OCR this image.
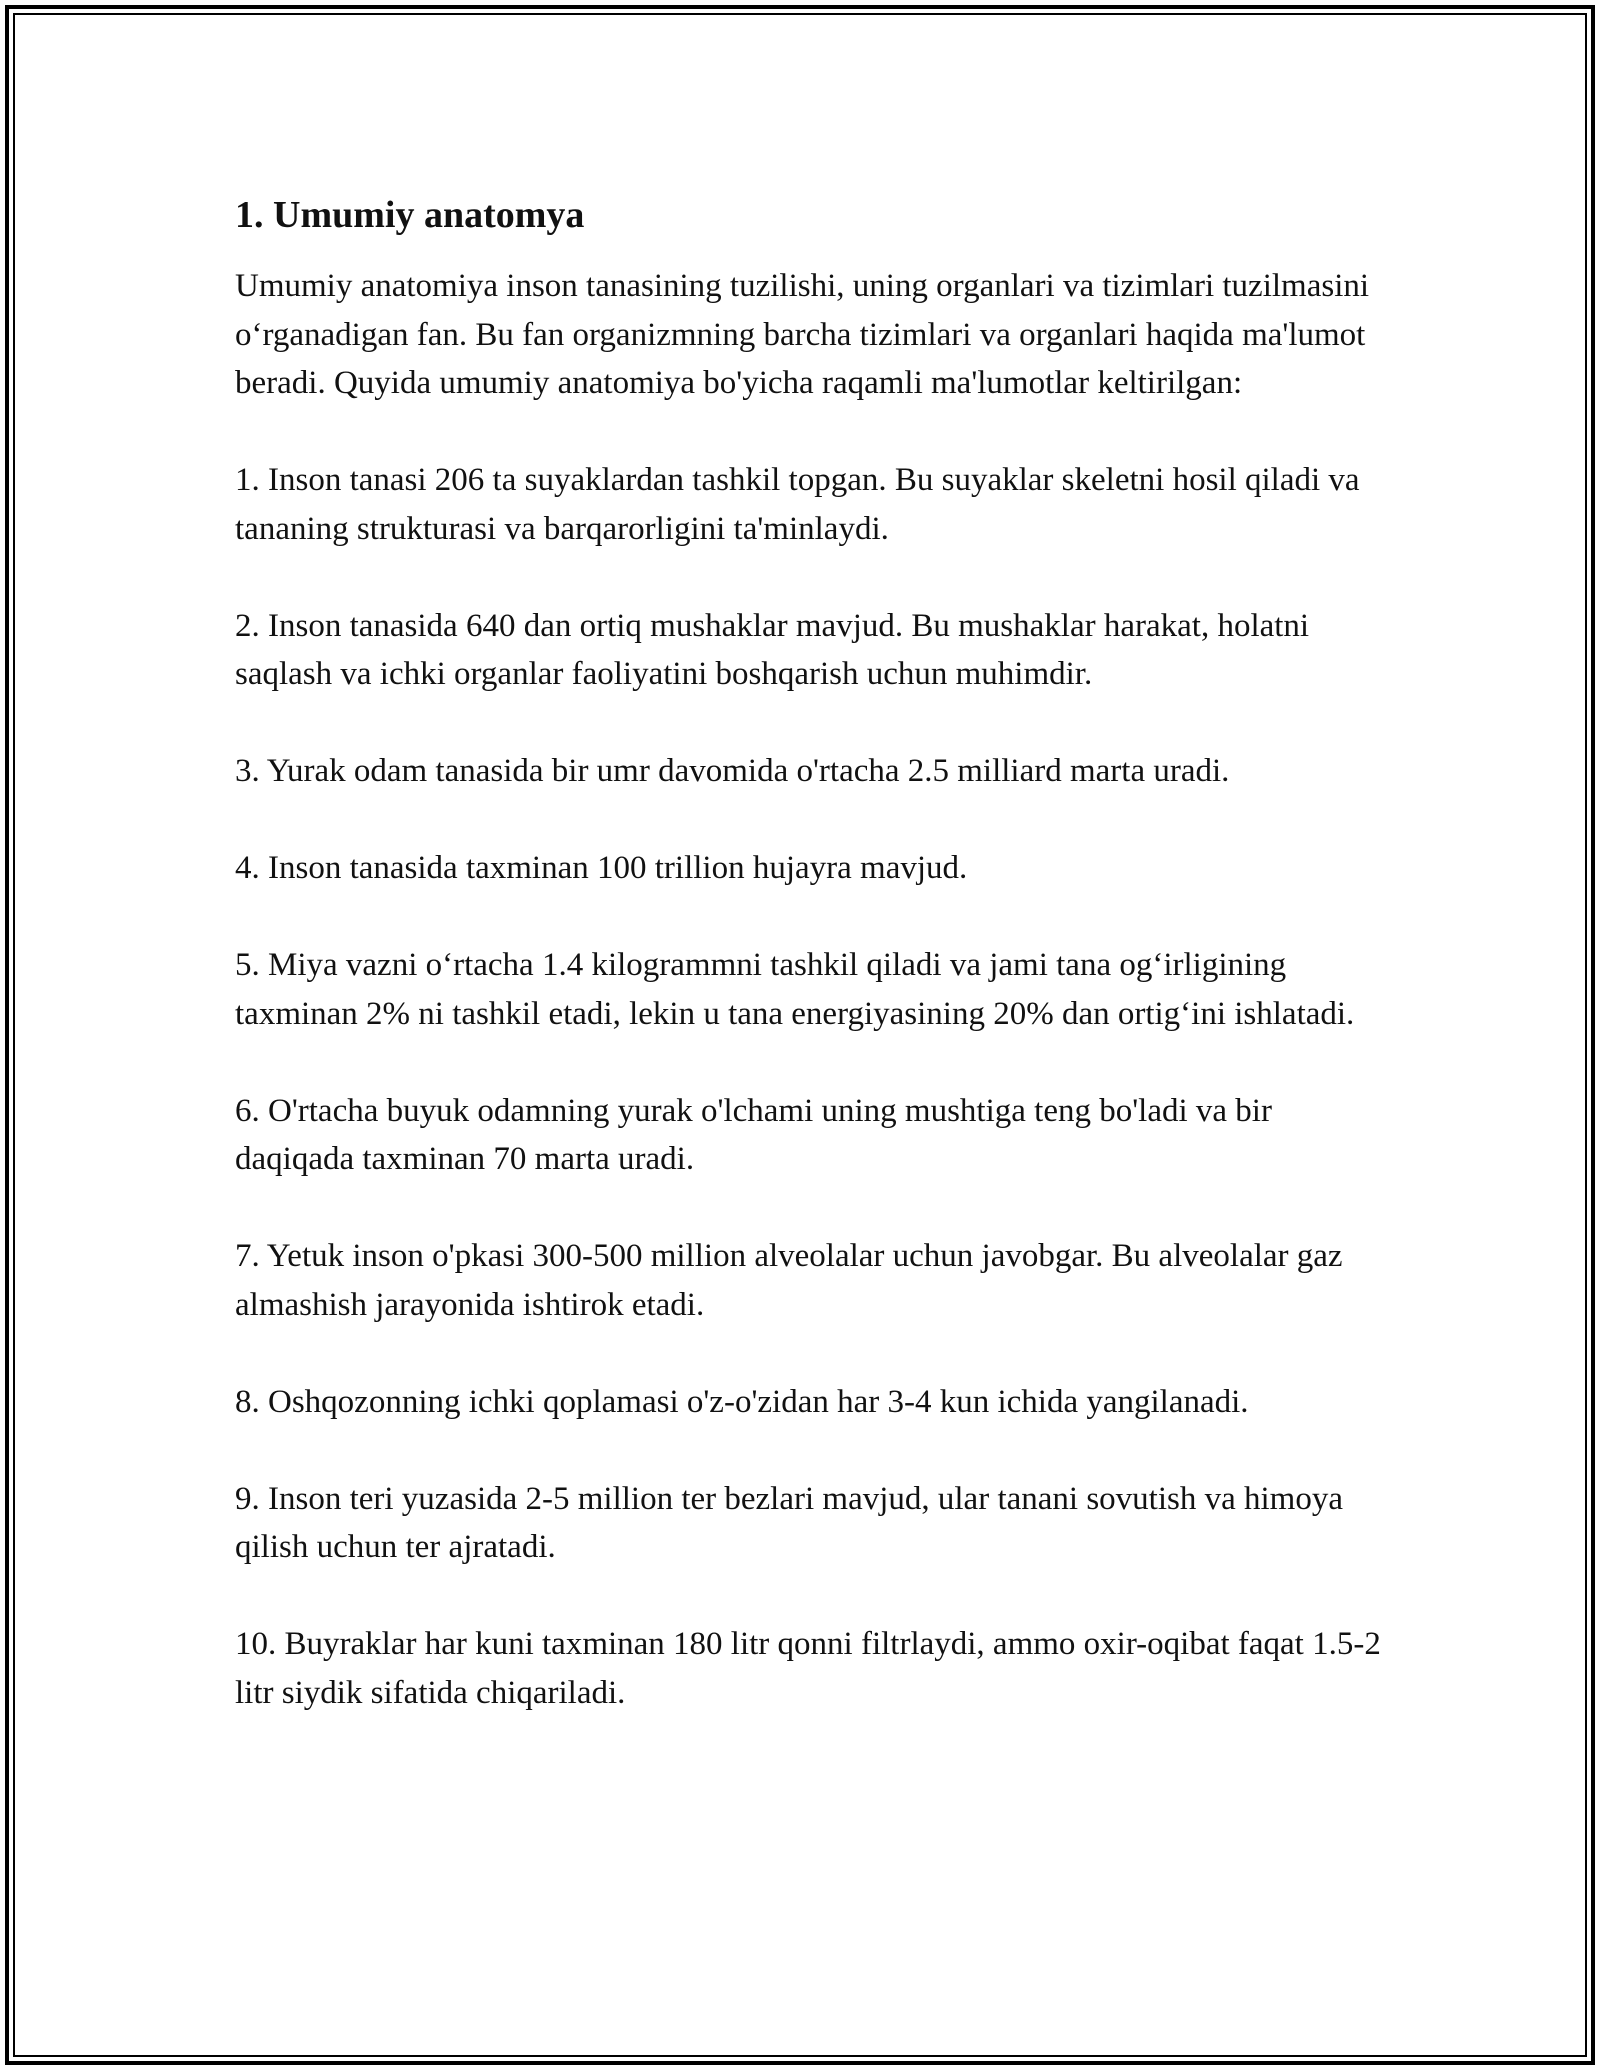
1. Umumiy anatomya

Umumiy anatomiya inson tanasining tuzilishi, uning organlari va tizimlari tuzilmasini o‘rganadigan fan. Bu fan organizmning barcha tizimlari va organlari haqida ma'lumot beradi. Quyida umumiy anatomiya bo'yicha raqamli ma'lumotlar keltirilgan:

1. Inson tanasi 206 ta suyaklardan tashkil topgan. Bu suyaklar skeletni hosil qiladi va tananing strukturasi va barqarorligini ta'minlaydi.
2. Inson tanasida 640 dan ortiq mushaklar mavjud. Bu mushaklar harakat, holatni saqlash va ichki organlar faoliyatini boshqarish uchun muhimdir.
3. Yurak odam tanasida bir umr davomida o'rtacha 2.5 milliard marta uradi.
4. Inson tanasida taxminan 100 trillion hujayra mavjud.
5. Miya vazni o‘rtacha 1.4 kilogrammni tashkil qiladi va jami tana og‘irligining taxminan 2% ni tashkil etadi, lekin u tana energiyasining 20% dan ortig‘ini ishlatadi.
6. O'rtacha buyuk odamning yurak o'lchami uning mushtiga teng bo'ladi va bir daqiqada taxminan 70 marta uradi.
7. Yetuk inson o'pkasi 300-500 million alveolalar uchun javobgar. Bu alveolalar gaz almashish jarayonida ishtirok etadi.
8. Oshqozonning ichki qoplamasi o'z-o'zidan har 3-4 kun ichida yangilanadi.
9. Inson teri yuzasida 2-5 million ter bezlari mavjud, ular tanani sovutish va himoya qilish uchun ter ajratadi.
10. Buyraklar har kuni taxminan 180 litr qonni filtrlaydi, ammo oxir-oqibat faqat 1.5-2 litr siydik sifatida chiqariladi.
